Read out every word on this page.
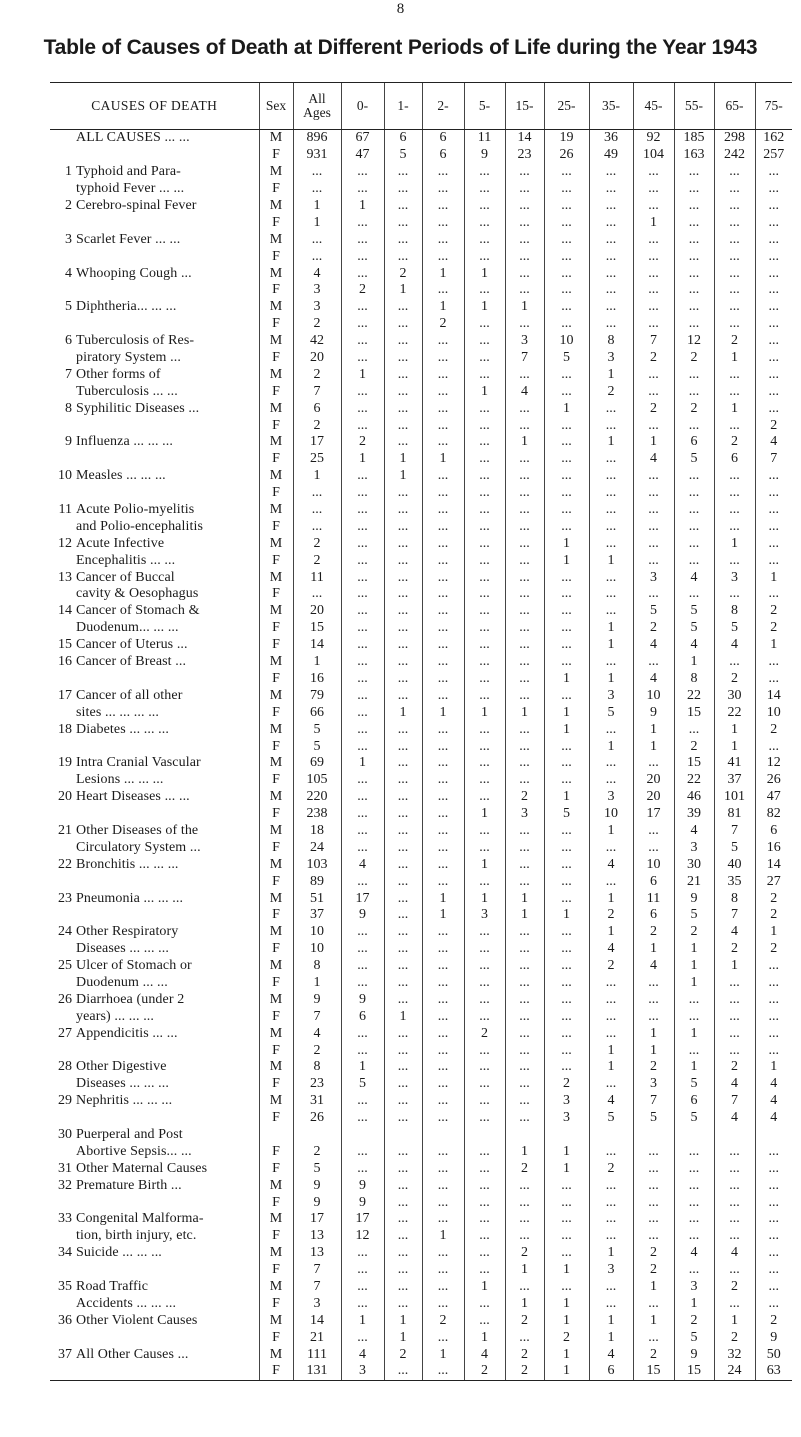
8
Table of Causes of Death at Different Periods of Life during the Year 1943
CAUSES OF DEATH	Sex	All Ages	0-	1-	2-	5-	15-	25-	35-	45-	55-	65-	75-
ALL CAUSES ... ...	M	896	67	6	6	11	14	19	36	92	185	298	162
	F	931	47	5	6	9	23	26	49	104	163	242	257
1 Typhoid and Para-	M	...	...	...	...	...	...	...	...	...	...	...	...
typhoid Fever ... ...	F	...	...	...	...	...	...	...	...	...	...	...	...
2 Cerebro-spinal Fever	M	1	1	...	...	...	...	...	...	...	...	...	...
	F	1	...	...	...	...	...	...	...	1	...	...	...
3 Scarlet Fever ... ...	M	...	...	...	...	...	...	...	...	...	...	...	...
	F	...	...	...	...	...	...	...	...	...	...	...	...
4 Whooping Cough ...	M	4	...	2	1	1	...	...	...	...	...	...	...
	F	3	2	1	...	...	...	...	...	...	...	...	...
5 Diphtheria... ... ...	M	3	...	...	1	1	1	...	...	...	...	...	...
	F	2	...	...	2	...	...	...	...	...	...	...	...
6 Tuberculosis of Res-	M	42	...	...	...	...	3	10	8	7	12	2	...
piratory System ...	F	20	...	...	...	...	7	5	3	2	2	1	...
7 Other forms of	M	2	1	...	...	...	...	...	1	...	...	...	...
Tuberculosis ... ...	F	7	...	...	...	1	4	...	2	...	...	...	...
8 Syphilitic Diseases ...	M	6	...	...	...	...	...	1	...	2	2	1	...
	F	2	...	...	...	...	...	...	...	...	...	...	2
9 Influenza ... ... ...	M	17	2	...	...	...	1	...	1	1	6	2	4
	F	25	1	1	1	...	...	...	...	4	5	6	7
10 Measles ... ... ...	M	1	...	1	...	...	...	...	...	...	...	...	...
	F	...	...	...	...	...	...	...	...	...	...	...	...
11 Acute Polio-myelitis	M	...	...	...	...	...	...	...	...	...	...	...	...
and Polio-encephalitis	F	...	...	...	...	...	...	...	...	...	...	...	...
12 Acute Infective	M	2	...	...	...	...	...	1	...	...	...	1	...
Encephalitis ... ...	F	2	...	...	...	...	...	1	1	...	...	...	...
13 Cancer of Buccal	M	11	...	...	...	...	...	...	...	3	4	3	1
cavity & Oesophagus	F	...	...	...	...	...	...	...	...	...	...	...	...
14 Cancer of Stomach &	M	20	...	...	...	...	...	...	...	5	5	8	2
Duodenum... ... ...	F	15	...	...	...	...	...	...	1	2	5	5	2
15 Cancer of Uterus ...	F	14	...	...	...	...	...	...	1	4	4	4	1
16 Cancer of Breast ...	M	1	...	...	...	...	...	...	...	...	1	...	...
	F	16	...	...	...	...	...	1	1	4	8	2	...
17 Cancer of all other	M	79	...	...	...	...	...	...	3	10	22	30	14
sites ... ... ... ...	F	66	...	1	1	1	1	1	5	9	15	22	10
18 Diabetes ... ... ...	M	5	...	...	...	...	...	1	...	1	...	1	2
	F	5	...	...	...	...	...	...	1	1	2	1	...
19 Intra Cranial Vascular	M	69	1	...	...	...	...	...	...	...	15	41	12
Lesions ... ... ...	F	105	...	...	...	...	...	...	...	20	22	37	26
20 Heart Diseases ... ...	M	220	...	...	...	...	2	1	3	20	46	101	47
	F	238	...	...	...	1	3	5	10	17	39	81	82
21 Other Diseases of the	M	18	...	...	...	...	...	...	1	...	4	7	6
Circulatory System ...	F	24	...	...	...	...	...	...	...	...	3	5	16
22 Bronchitis ... ... ...	M	103	4	...	...	1	...	...	4	10	30	40	14
	F	89	...	...	...	...	...	...	...	6	21	35	27
23 Pneumonia ... ... ...	M	51	17	...	1	1	1	...	1	11	9	8	2
	F	37	9	...	1	3	1	1	2	6	5	7	2
24 Other Respiratory	M	10	...	...	...	...	...	...	1	2	2	4	1
Diseases ... ... ...	F	10	...	...	...	...	...	...	4	1	1	2	2
25 Ulcer of Stomach or	M	8	...	...	...	...	...	...	2	4	1	1	...
Duodenum ... ...	F	1	...	...	...	...	...	...	...	...	1	...	...
26 Diarrhoea (under 2	M	9	9	...	...	...	...	...	...	...	...	...	...
years) ... ... ...	F	7	6	1	...	...	...	...	...	...	...	...	...
27 Appendicitis ... ...	M	4	...	...	...	2	...	...	...	1	1	...	...
	F	2	...	...	...	...	...	...	1	1	...	...	...
28 Other Digestive	M	8	1	...	...	...	...	...	1	2	1	2	1
Diseases ... ... ...	F	23	5	...	...	...	...	2	...	3	5	4	4
29 Nephritis ... ... ...	M	31	...	...	...	...	...	3	4	7	6	7	4
	F	26	...	...	...	...	...	3	5	5	5	4	4
30 Puerperal and Post													
Abortive Sepsis... ...	F	2	...	...	...	...	1	1	...	...	...	...	...
31 Other Maternal Causes	F	5	...	...	...	...	2	1	2	...	...	...	...
32 Premature Birth ...	M	9	9	...	...	...	...	...	...	...	...	...	...
	F	9	9	...	...	...	...	...	...	...	...	...	...
33 Congenital Malforma-	M	17	17	...	...	...	...	...	...	...	...	...	...
tion, birth injury, etc.	F	13	12	...	1	...	...	...	...	...	...	...	...
34 Suicide ... ... ...	M	13	...	...	...	...	2	...	1	2	4	4	...
	F	7	...	...	...	...	1	1	3	2	...	...	...
35 Road Traffic	M	7	...	...	...	1	...	...	...	1	3	2	...
Accidents ... ... ...	F	3	...	...	...	...	1	1	...	...	1	...	...
36 Other Violent Causes	M	14	1	1	2	...	2	1	1	1	2	1	2
	F	21	...	1	...	1	...	2	1	...	5	2	9
37 All Other Causes ...	M	111	4	2	1	4	2	1	4	2	9	32	50
	F	131	3	...	...	2	2	1	6	15	15	24	63
